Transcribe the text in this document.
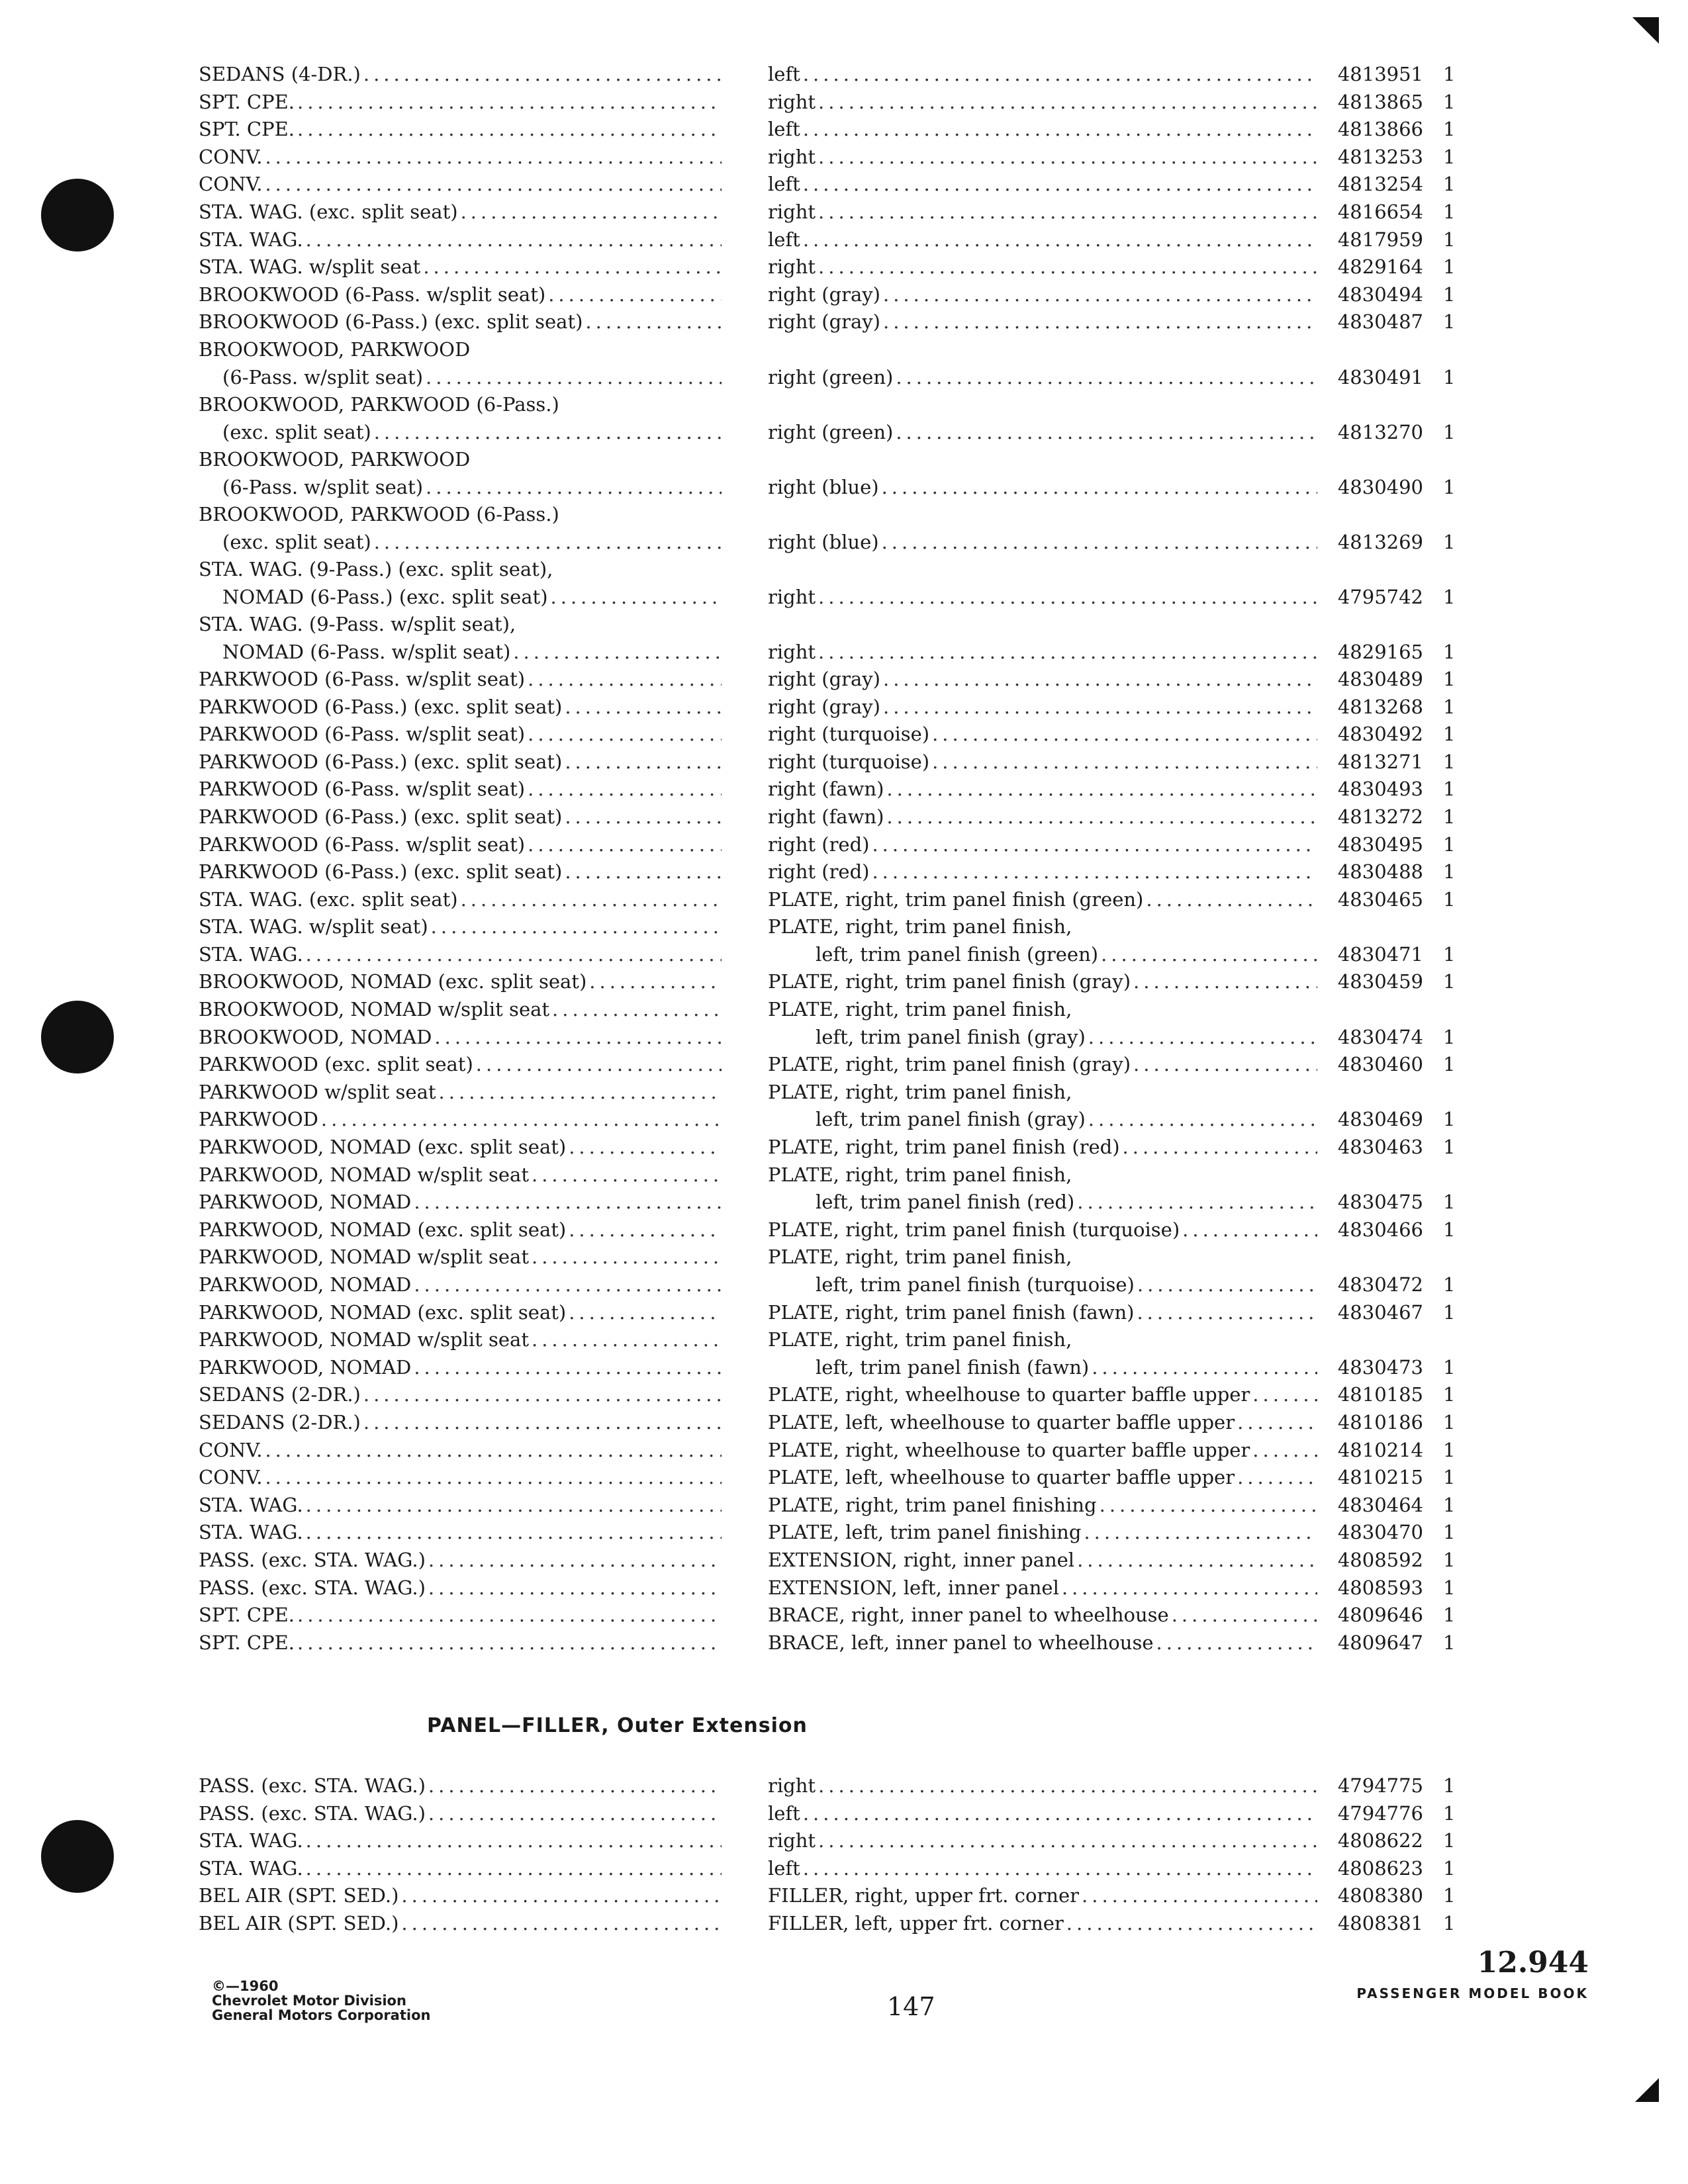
SEDANS (4-DR.) .....	left .....	4813951 1
SPT. CPE. .....	right .....	4813865 1
SPT. CPE. .....	left .....	4813866 1
CONV. .....	right .....	4813253 1
CONV. .....	left .....	4813254 1
STA. WAG. (exc. split seat) .....	right .....	4816654 1
STA. WAG. .....	left .....	4817959 1
STA. WAG. w/split seat .....	right .....	4829164 1
BROOKWOOD (6-Pass. w/split seat) .....	right (gray) .....	4830494 1
BROOKWOOD (6-Pass.) (exc. split seat) .....	right (gray) .....	4830487 1
BROOKWOOD, PARKWOOD
(6-Pass. w/split seat) .....	right (green) .....	4830491 1
BROOKWOOD, PARKWOOD (6-Pass.)
(exc. split seat) .....	right (green) .....	4813270 1
BROOKWOOD, PARKWOOD
(6-Pass. w/split seat) .....	right (blue) .....	4830490 1
BROOKWOOD, PARKWOOD (6-Pass.)
(exc. split seat) .....	right (blue) .....	4813269 1
STA. WAG. (9-Pass.) (exc. split seat),
NOMAD (6-Pass.) (exc. split seat) .....	right .....	4795742 1
STA. WAG. (9-Pass. w/split seat),
NOMAD (6-Pass. w/split seat) .....	right .....	4829165 1
PARKWOOD (6-Pass. w/split seat) .....	right (gray) .....	4830489 1
PARKWOOD (6-Pass.) (exc. split seat) .....	right (gray) .....	4813268 1
PARKWOOD (6-Pass. w/split seat) .....	right (turquoise) .....	4830492 1
PARKWOOD (6-Pass.) (exc. split seat) .....	right (turquoise) .....	4813271 1
PARKWOOD (6-Pass. w/split seat) .....	right (fawn) .....	4830493 1
PARKWOOD (6-Pass.) (exc. split seat) .....	right (fawn) .....	4813272 1
PARKWOOD (6-Pass. w/split seat) .....	right (red) .....	4830495 1
PARKWOOD (6-Pass.) (exc. split seat) .....	right (red) .....	4830488 1
STA. WAG. (exc. split seat) .....	PLATE, right, trim panel finish (green) .....	4830465 1
STA. WAG. w/split seat) .....	PLATE, right, trim panel finish,
STA. WAG. .....	left, trim panel finish (green) .....	4830471 1
BROOKWOOD, NOMAD (exc. split seat) .....	PLATE, right, trim panel finish (gray) .....	4830459 1
BROOKWOOD, NOMAD w/split seat .....	PLATE, right, trim panel finish,
BROOKWOOD, NOMAD .....	left, trim panel finish (gray) .....	4830474 1
PARKWOOD (exc. split seat) .....	PLATE, right, trim panel finish (gray) .....	4830460 1
PARKWOOD w/split seat .....	PLATE, right, trim panel finish,
PARKWOOD .....	left, trim panel finish (gray) .....	4830469 1
PARKWOOD, NOMAD (exc. split seat) .....	PLATE, right, trim panel finish (red) .....	4830463 1
PARKWOOD, NOMAD w/split seat .....	PLATE, right, trim panel finish,
PARKWOOD, NOMAD .....	left, trim panel finish (red) .....	4830475 1
PARKWOOD, NOMAD (exc. split seat) .....	PLATE, right, trim panel finish (turquoise) .....	4830466 1
PARKWOOD, NOMAD w/split seat .....	PLATE, right, trim panel finish,
PARKWOOD, NOMAD .....	left, trim panel finish (turquoise) .....	4830472 1
PARKWOOD, NOMAD (exc. split seat) .....	PLATE, right, trim panel finish (fawn) .....	4830467 1
PARKWOOD, NOMAD w/split seat .....	PLATE, right, trim panel finish,
PARKWOOD, NOMAD .....	left, trim panel finish (fawn) .....	4830473 1
SEDANS (2-DR.) .....	PLATE, right, wheelhouse to quarter baffle upper .....	4810185 1
SEDANS (2-DR.) .....	PLATE, left, wheelhouse to quarter baffle upper .....	4810186 1
CONV. .....	PLATE, right, wheelhouse to quarter baffle upper .....	4810214 1
CONV. .....	PLATE, left, wheelhouse to quarter baffle upper .....	4810215 1
STA. WAG. .....	PLATE, right, trim panel finishing .....	4830464 1
STA. WAG. .....	PLATE, left, trim panel finishing .....	4830470 1
PASS. (exc. STA. WAG.) .....	EXTENSION, right, inner panel .....	4808592 1
PASS. (exc. STA. WAG.) .....	EXTENSION, left, inner panel .....	4808593 1
SPT. CPE. .....	BRACE, right, inner panel to wheelhouse .....	4809646 1
SPT. CPE. .....	BRACE, left, inner panel to wheelhouse .....	4809647 1
PANEL—FILLER, Outer Extension
PASS. (exc. STA. WAG.) .....	right .....	4794775 1
PASS. (exc. STA. WAG.) .....	left .....	4794776 1
STA. WAG. .....	right .....	4808622 1
STA. WAG. .....	left .....	4808623 1
BEL AIR (SPT. SED.) .....	FILLER, right, upper frt. corner .....	4808380 1
BEL AIR (SPT. SED.) .....	FILLER, left, upper frt. corner .....	4808381 1
©—1960
Chevrolet Motor Division
General Motors Corporation	147
12.944
PASSENGER MODEL BOOK
